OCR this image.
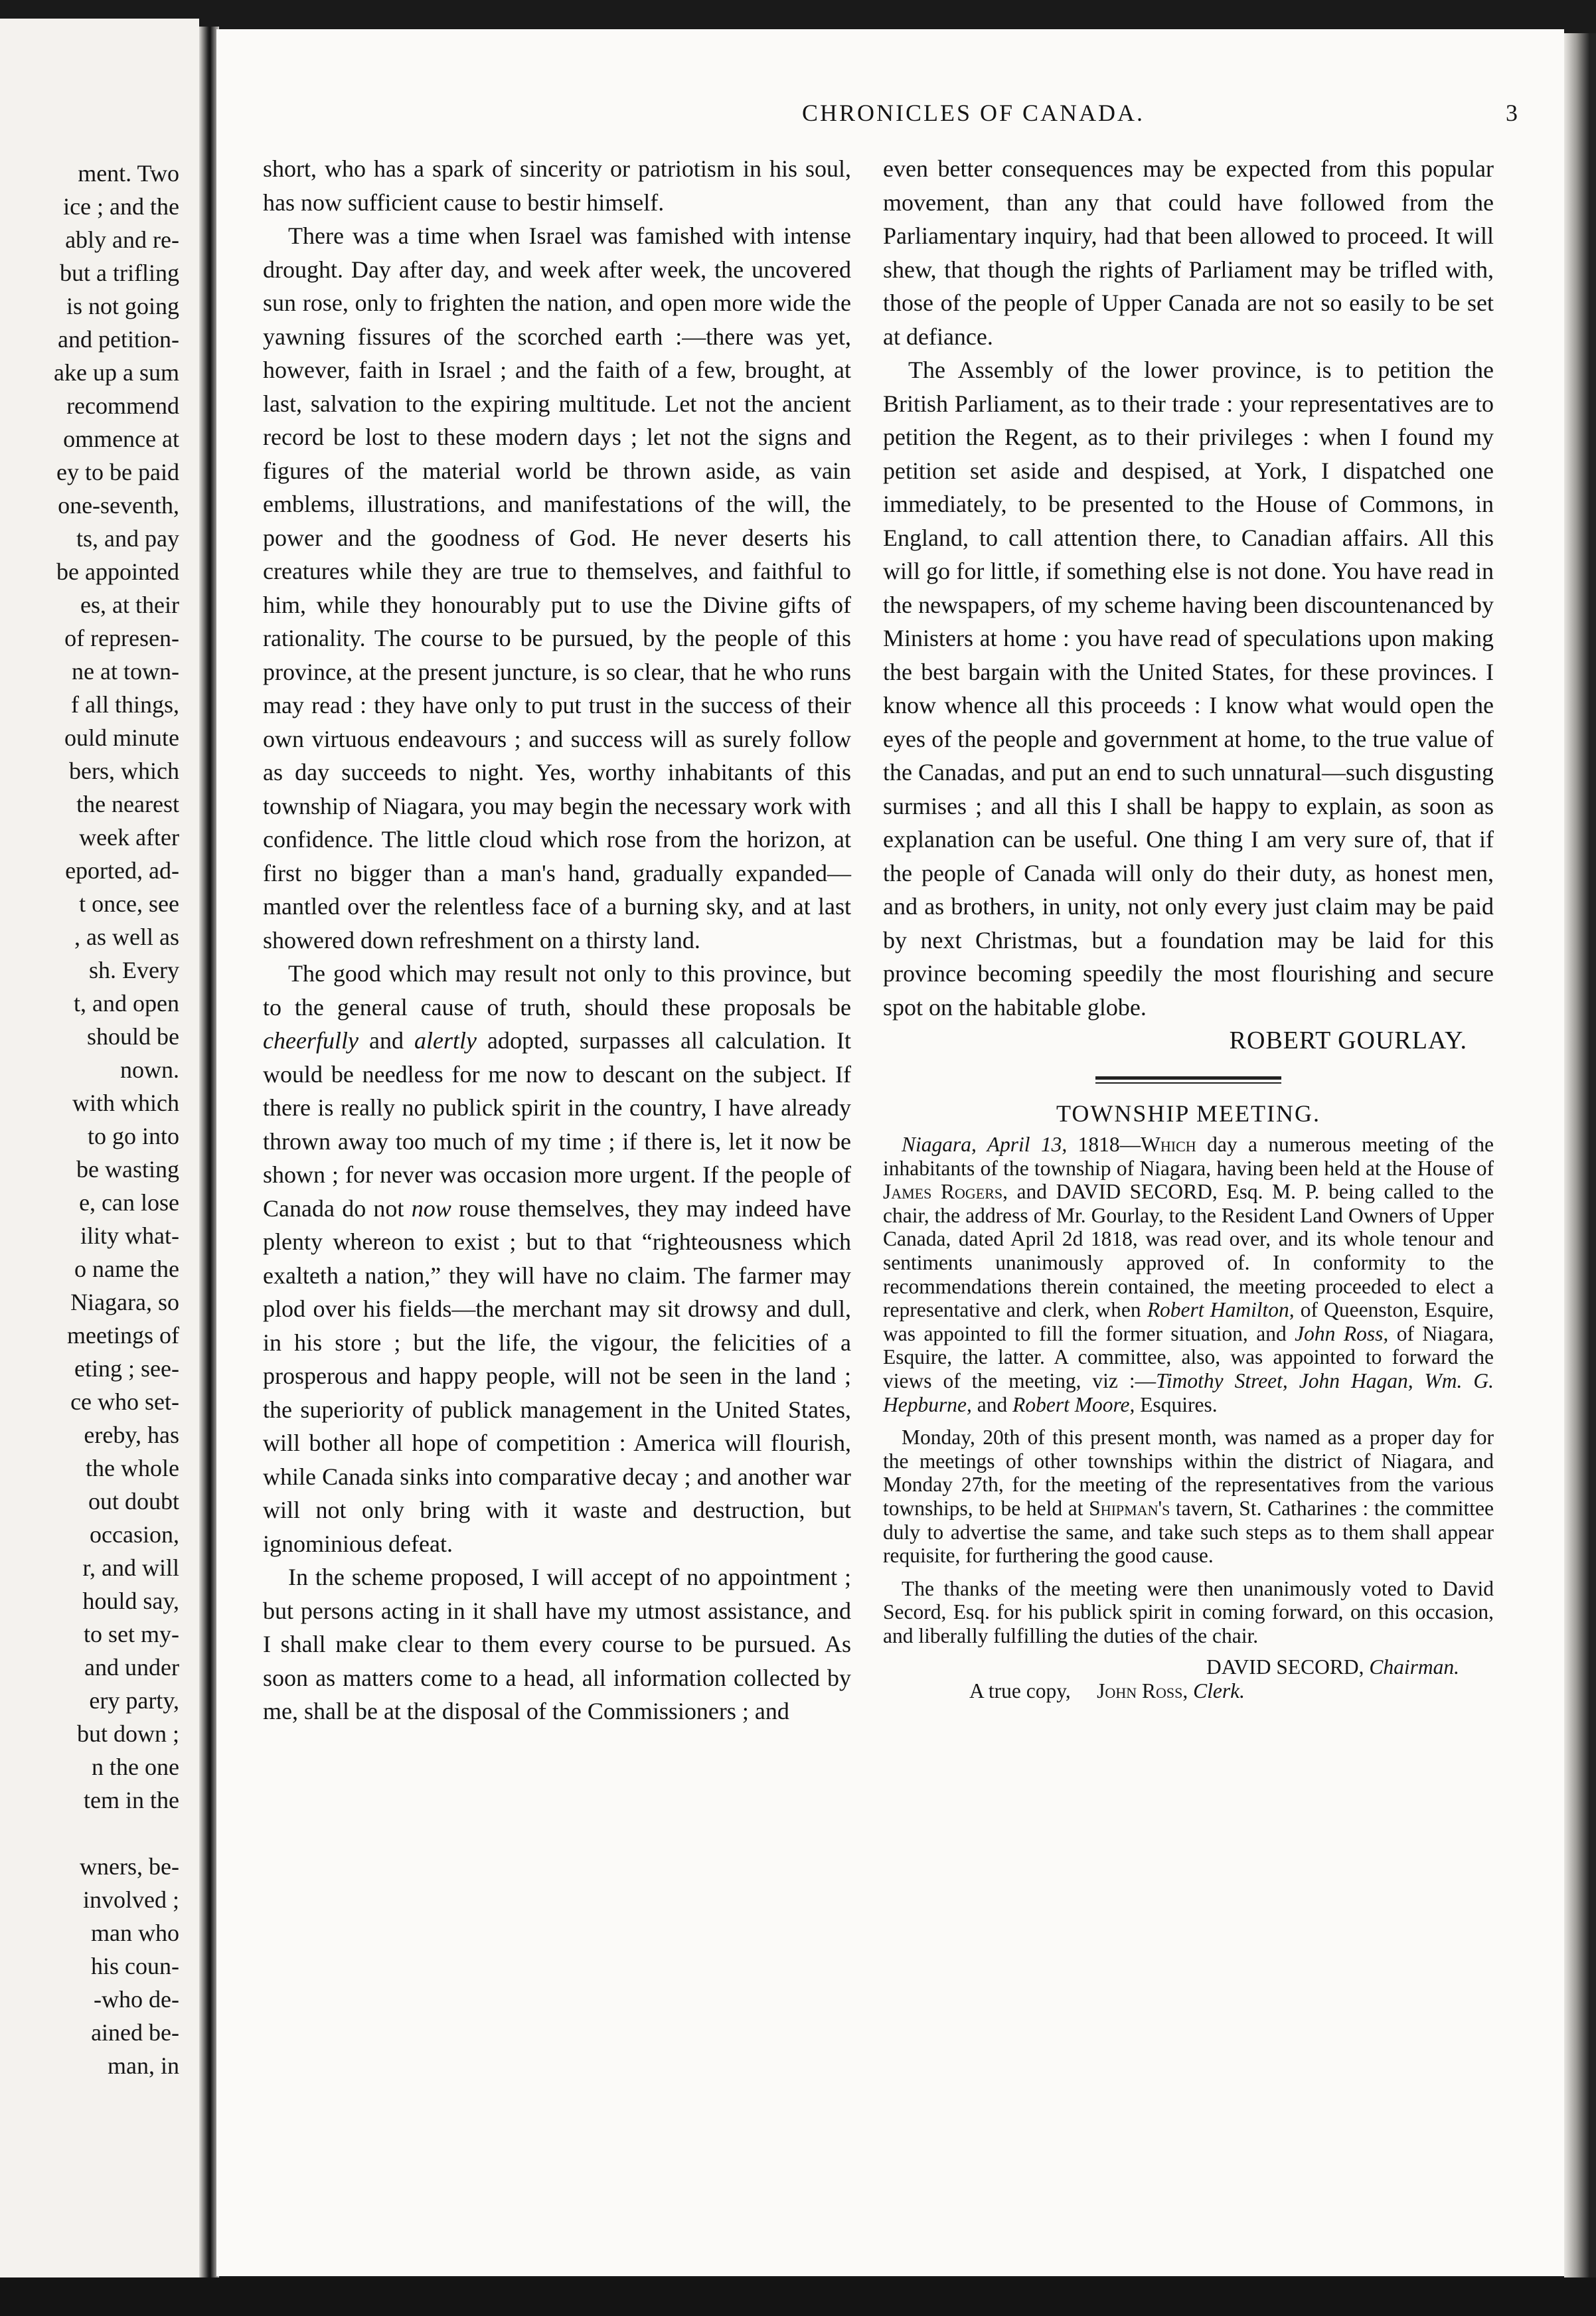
ment. Two
ice ; and the
ably and re-
but a trifling
is not going
and petition-
ake up a sum
recommend
ommence at
ey to be paid
one-seventh,
ts, and pay
be appointed
es, at their
of represen-
ne at town-
f all things,
ould minute
bers, which
the nearest
week after
eported, ad-
t once, see
, as well as
sh. Every
t, and open
should be
nown.
with which
to go into
be wasting
e, can lose
ility what-
o name the
Niagara, so
meetings of
eting ; see-
ce who set-
ereby, has
the whole
out doubt
occasion,
r, and will
hould say,
to set my-
and under
ery party,
but down ;
n the one
tem in the
wners, be-
involved ;
man who
his coun-
-who de-
ained be-
man, in
CHRONICLES OF CANADA.	3

short, who has a spark of sincerity or patriotism in his soul, has now sufficient cause to bestir himself.

There was a time when Israel was famished with intense drought. Day after day, and week after week, the uncovered sun rose, only to frighten the nation, and open more wide the yawning fissures of the scorched earth :—there was yet, however, faith in Israel ; and the faith of a few, brought, at last, salvation to the expiring multitude. Let not the ancient record be lost to these modern days ; let not the signs and figures of the material world be thrown aside, as vain emblems, illustrations, and manifestations of the will, the power and the goodness of God. He never deserts his creatures while they are true to themselves, and faithful to him, while they honourably put to use the Divine gifts of rationality. The course to be pursued, by the people of this province, at the present juncture, is so clear, that he who runs may read : they have only to put trust in the success of their own virtuous endeavours ; and success will as surely follow as day succeeds to night. Yes, worthy inhabitants of this township of Niagara, you may begin the necessary work with confidence. The little cloud which rose from the horizon, at first no bigger than a man's hand, gradually expanded—mantled over the relentless face of a burning sky, and at last showered down refreshment on a thirsty land.

The good which may result not only to this province, but to the general cause of truth, should these proposals be cheerfully and alertly adopted, surpasses all calculation. It would be needless for me now to descant on the subject. If there is really no publick spirit in the country, I have already thrown away too much of my time ; if there is, let it now be shown ; for never was occasion more urgent. If the people of Canada do not now rouse themselves, they may indeed have plenty whereon to exist ; but to that “righteousness which exalteth a nation,” they will have no claim. The farmer may plod over his fields—the merchant may sit drowsy and dull, in his store ; but the life, the vigour, the felicities of a prosperous and happy people, will not be seen in the land ; the superiority of publick management in the United States, will bother all hope of competition : America will flourish, while Canada sinks into comparative decay ; and another war will not only bring with it waste and destruction, but ignominious defeat.

In the scheme proposed, I will accept of no appointment ; but persons acting in it shall have my utmost assistance, and I shall make clear to them every course to be pursued. As soon as matters come to a head, all information collected by me, shall be at the disposal of the Commissioners ; and

even better consequences may be expected from this popular movement, than any that could have followed from the Parliamentary inquiry, had that been allowed to proceed. It will shew, that though the rights of Parliament may be trifled with, those of the people of Upper Canada are not so easily to be set at defiance.

The Assembly of the lower province, is to petition the British Parliament, as to their trade : your representatives are to petition the Regent, as to their privileges : when I found my petition set aside and despised, at York, I dispatched one immediately, to be presented to the House of Commons, in England, to call attention there, to Canadian affairs. All this will go for little, if something else is not done. You have read in the newspapers, of my scheme having been discountenanced by Ministers at home : you have read of speculations upon making the best bargain with the United States, for these provinces. I know whence all this proceeds : I know what would open the eyes of the people and government at home, to the true value of the Canadas, and put an end to such unnatural—such disgusting surmises ; and all this I shall be happy to explain, as soon as explanation can be useful. One thing I am very sure of, that if the people of Canada will only do their duty, as honest men, and as brothers, in unity, not only every just claim may be paid by next Christmas, but a foundation may be laid for this province becoming speedily the most flourishing and secure spot on the habitable globe.

ROBERT GOURLAY.
TOWNSHIP MEETING.

Niagara, April 13, 1818—Which day a numerous meeting of the inhabitants of the township of Niagara, having been held at the House of James Rogers, and DAVID SECORD, Esq. M. P. being called to the chair, the address of Mr. Gourlay, to the Resident Land Owners of Upper Canada, dated April 2d 1818, was read over, and its whole tenour and sentiments unanimously approved of. In conformity to the recommendations therein contained, the meeting proceeded to elect a representative and clerk, when Robert Hamilton, of Queenston, Esquire, was appointed to fill the former situation, and John Ross, of Niagara, Esquire, the latter. A committee, also, was appointed to forward the views of the meeting, viz :—Timothy Street, John Hagan, Wm. G. Hepburne, and Robert Moore, Esquires.

Monday, 20th of this present month, was named as a proper day for the meetings of other townships within the district of Niagara, and Monday 27th, for the meeting of the representatives from the various townships, to be held at Shipman's tavern, St. Catharines : the committee duly to advertise the same, and take such steps as to them shall appear requisite, for furthering the good cause.

The thanks of the meeting were then unanimously voted to David Secord, Esq. for his publick spirit in coming forward, on this occasion, and liberally fulfilling the duties of the chair.

DAVID SECORD, Chairman.

A true copy, John Ross, Clerk.
